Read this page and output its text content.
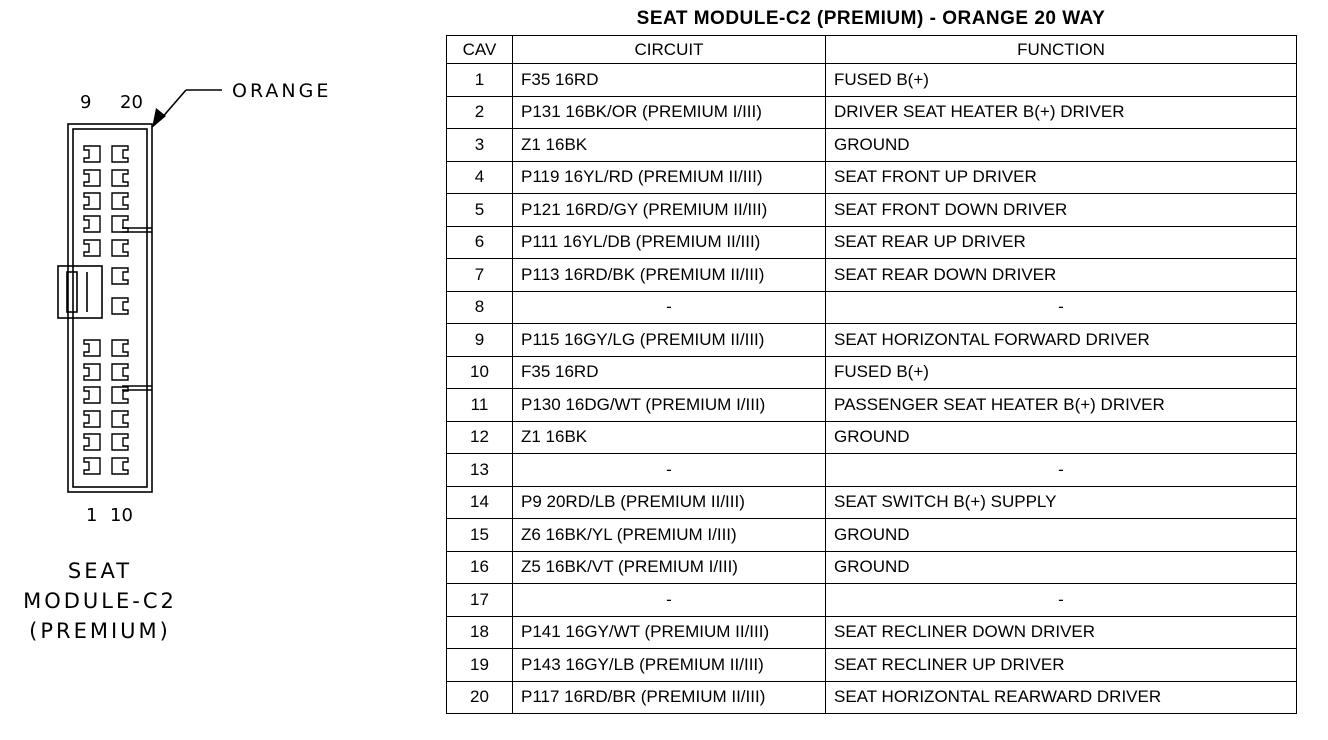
ORANGE
9 20
1 10
SEAT
MODULE-C2
(PREMIUM)
SEAT MODULE-C2 (PREMIUM) - ORANGE 20 WAY
CAV	CIRCUIT	FUNCTION
1	F35 16RD	FUSED B(+)
2	P131 16BK/OR (PREMIUM I/III)	DRIVER SEAT HEATER B(+) DRIVER
3	Z1 16BK	GROUND
4	P119 16YL/RD (PREMIUM II/III)	SEAT FRONT UP DRIVER
5	P121 16RD/GY (PREMIUM II/III)	SEAT FRONT DOWN DRIVER
6	P111 16YL/DB (PREMIUM II/III)	SEAT REAR UP DRIVER
7	P113 16RD/BK (PREMIUM II/III)	SEAT REAR DOWN DRIVER
8	-	-
9	P115 16GY/LG (PREMIUM II/III)	SEAT HORIZONTAL FORWARD DRIVER
10	F35 16RD	FUSED B(+)
11	P130 16DG/WT (PREMIUM I/III)	PASSENGER SEAT HEATER B(+) DRIVER
12	Z1 16BK	GROUND
13	-	-
14	P9 20RD/LB (PREMIUM II/III)	SEAT SWITCH B(+) SUPPLY
15	Z6 16BK/YL (PREMIUM I/III)	GROUND
16	Z5 16BK/VT (PREMIUM I/III)	GROUND
17	-	-
18	P141 16GY/WT (PREMIUM II/III)	SEAT RECLINER DOWN DRIVER
19	P143 16GY/LB (PREMIUM II/III)	SEAT RECLINER UP DRIVER
20	P117 16RD/BR (PREMIUM II/III)	SEAT HORIZONTAL REARWARD DRIVER
